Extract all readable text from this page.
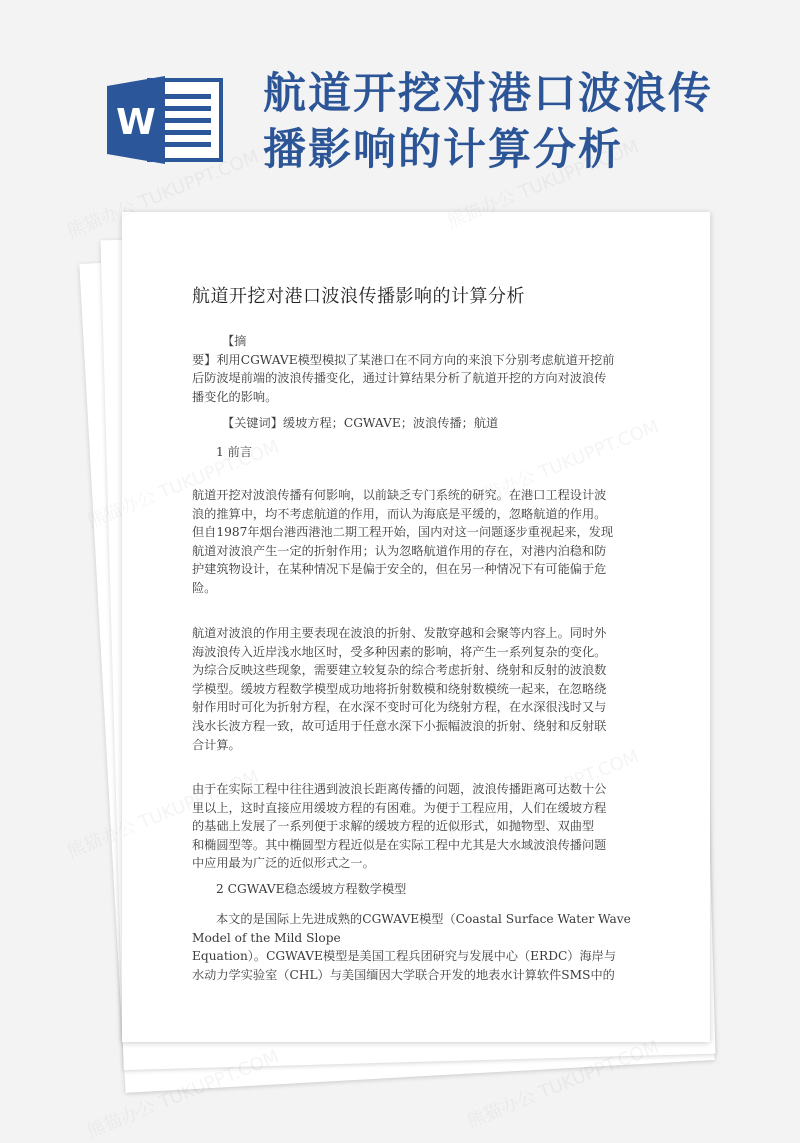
W
航道开挖对港口波浪传
播影响的计算分析
航道开挖对港口波浪传播影响的计算分析

【摘

要】利用CGWAVE模型模拟了某港口在不同方向的来浪下分别考虑航道开挖前

后防波堤前端的波浪传播变化，通过计算结果分析了航道开挖的方向对波浪传

播变化的影响。

【关键词】缓坡方程；CGWAVE；波浪传播；航道

1 前言

航道开挖对波浪传播有何影响，以前缺乏专门系统的研究。在港口工程设计波

浪的推算中，均不考虑航道的作用，而认为海底是平缓的，忽略航道的作用。

但自1987年烟台港西港池二期工程开始，国内对这一问题逐步重视起来，发现

航道对波浪产生一定的折射作用；认为忽略航道作用的存在，对港内泊稳和防

护建筑物设计，在某种情况下是偏于安全的，但在另一种情况下有可能偏于危

险。

航道对波浪的作用主要表现在波浪的折射、发散穿越和会聚等内容上。同时外

海波浪传入近岸浅水地区时，受多种因素的影响，将产生一系列复杂的变化。

为综合反映这些现象，需要建立较复杂的综合考虑折射、绕射和反射的波浪数

学模型。缓坡方程数学模型成功地将折射数模和绕射数模统一起来，在忽略绕

射作用时可化为折射方程，在水深不变时可化为绕射方程，在水深很浅时又与

浅水长波方程一致，故可适用于任意水深下小振幅波浪的折射、绕射和反射联

合计算。

由于在实际工程中往往遇到波浪长距离传播的问题，波浪传播距离可达数十公

里以上，这时直接应用缓坡方程的有困难。为便于工程应用，人们在缓坡方程

的基础上发展了一系列便于求解的缓坡方程的近似形式，如抛物型、双曲型

和椭圆型等。其中椭圆型方程近似是在实际工程中尤其是大水域波浪传播问题

中应用最为广泛的近似形式之一。

2 CGWAVE稳态缓坡方程数学模型

本文的是国际上先进成熟的CGWAVE模型（Coastal Surface Water Wave

Model of the Mild Slope

Equation）。CGWAVE模型是美国工程兵团研究与发展中心（ERDC）海岸与

水动力学实验室（CHL）与美国缅因大学联合开发的地表水计算软件SMS中的
